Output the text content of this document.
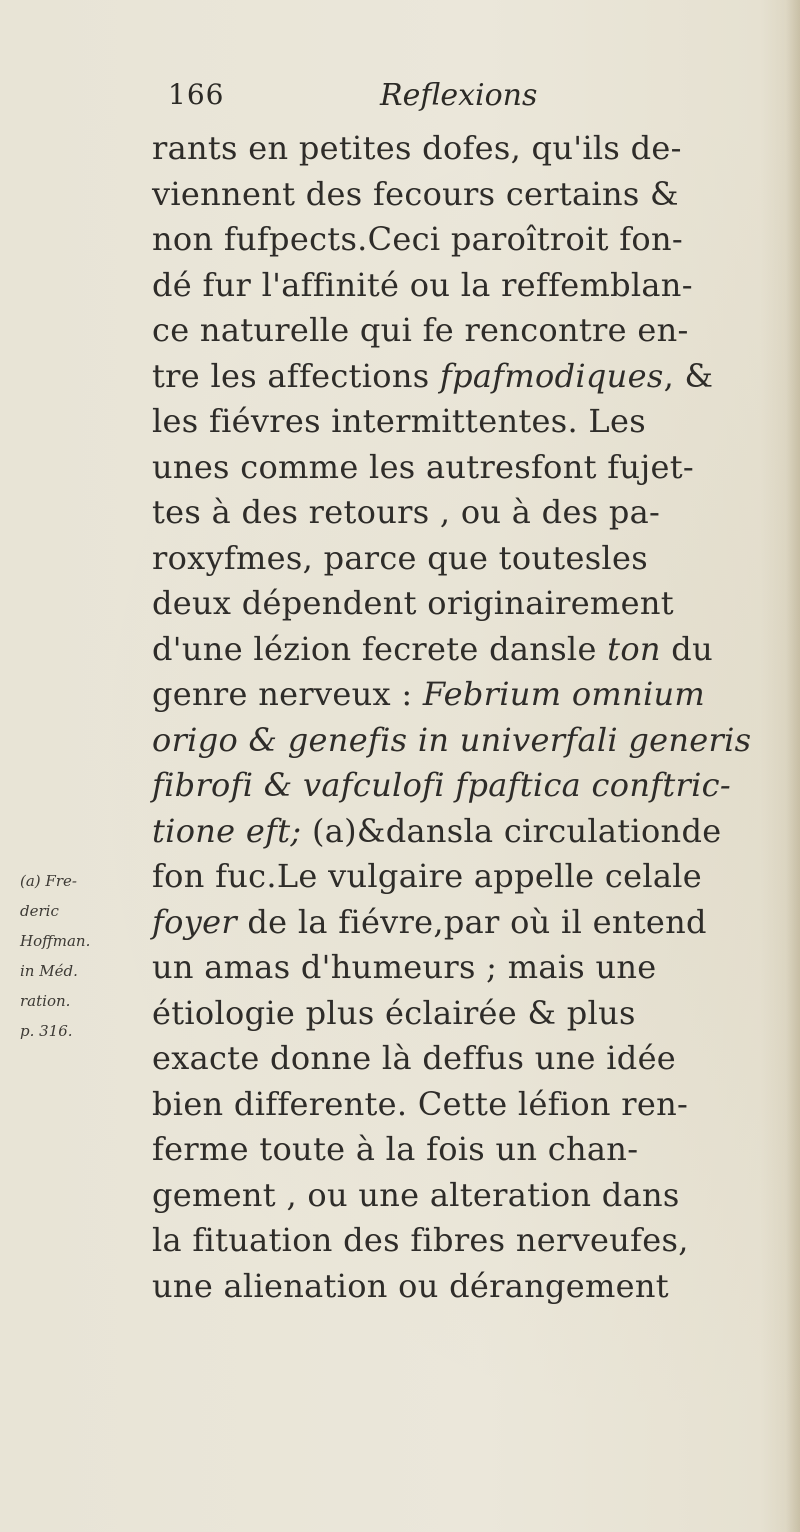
166	Reflexions
(a) Fre-
deric
Hoffman.
in Méd.
ration.
p. 316.
rants en petites dofes, qu'ils de-
viennent des fecours certains &
non fufpects.Ceci paroîtroit fon-
dé fur l'affinité ou la reffemblan-
ce naturelle qui fe rencontre en-
tre les affections fpafmodiques, &
les fiévres intermittentes. Les
unes comme les autresfont fujet-
tes à des retours , ou à des pa-
roxyfmes, parce que toutesles
deux dépendent originairement
d'une lézion fecrete dansle ton du
genre nerveux : Febrium omnium
origo & genefis in univerfali generis
fibrofi & vafculofi fpaftica conftric-
tione eft; (a)&dansla circulationde
fon fuc.Le vulgaire appelle celale
foyer de la fiévre,par où il entend
un amas d'humeurs ; mais une
étiologie plus éclairée & plus
exacte donne là deffus une idée
bien differente. Cette léfion ren-
ferme toute à la fois un chan-
gement , ou une alteration dans
la fituation des fibres nerveufes,
une alienation ou dérangement
